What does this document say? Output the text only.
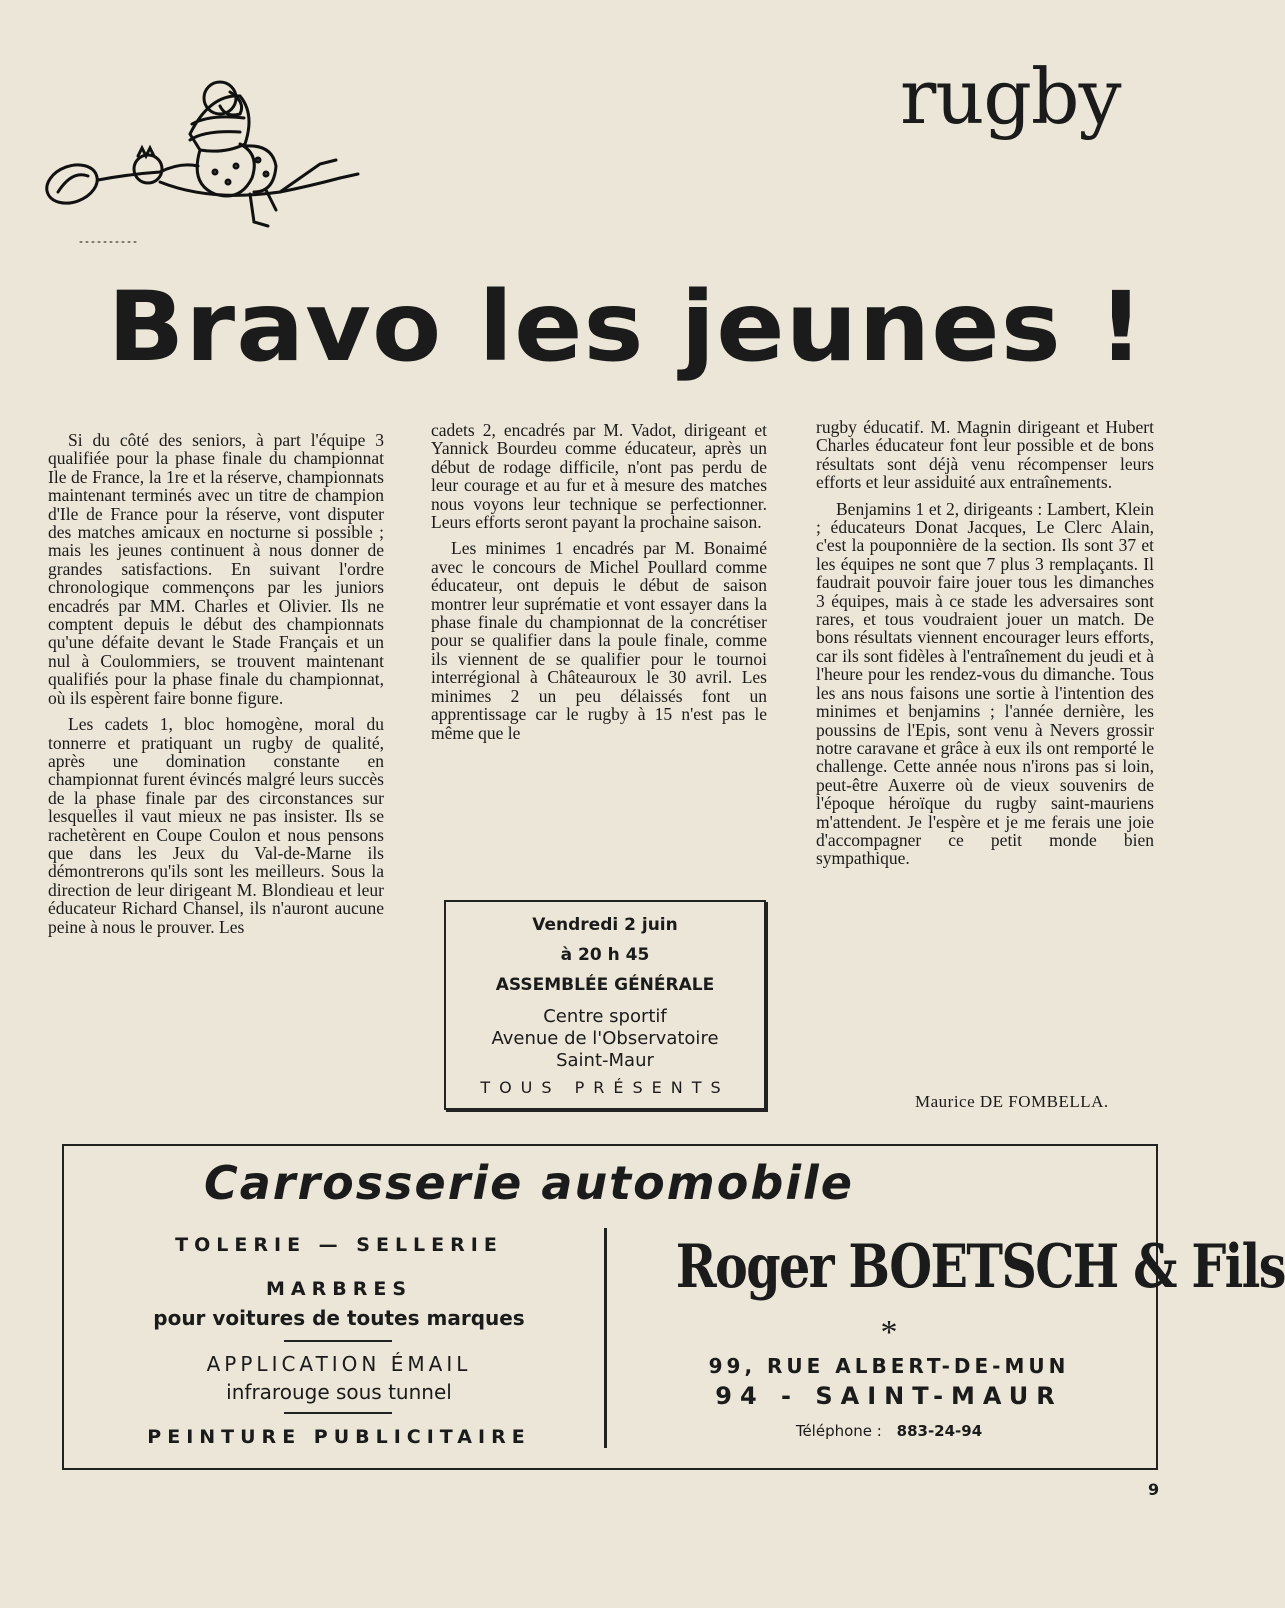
rugby
Bravo les jeunes !

Si du côté des seniors, à part l'équipe 3 qualifiée pour la phase finale du championnat Ile de France, la 1re et la réserve, championnats maintenant terminés avec un titre de champion d'Ile de France pour la réserve, vont disputer des matches amicaux en nocturne si possible ; mais les jeunes continuent à nous donner de grandes satisfactions. En suivant l'ordre chronologique commençons par les juniors encadrés par MM. Charles et Olivier. Ils ne comptent depuis le début des championnats qu'une défaite devant le Stade Français et un nul à Coulommiers, se trouvent maintenant qualifiés pour la phase finale du championnat, où ils espèrent faire bonne figure.

Les cadets 1, bloc homogène, moral du tonnerre et pratiquant un rugby de qualité, après une domination constante en championnat furent évincés malgré leurs succès de la phase finale par des circonstances sur lesquelles il vaut mieux ne pas insister. Ils se rachetèrent en Coupe Coulon et nous pensons que dans les Jeux du Val-de-Marne ils démontrerons qu'ils sont les meilleurs. Sous la direction de leur dirigeant M. Blondieau et leur éducateur Richard Chansel, ils n'auront aucune peine à nous le prouver. Les

cadets 2, encadrés par M. Vadot, dirigeant et Yannick Bourdeu comme éducateur, après un début de rodage difficile, n'ont pas perdu de leur courage et au fur et à mesure des matches nous voyons leur technique se perfectionner. Leurs efforts seront payant la prochaine saison.

Les minimes 1 encadrés par M. Bonaimé avec le concours de Michel Poullard comme éducateur, ont depuis le début de saison montrer leur suprématie et vont essayer dans la phase finale du championnat de la concrétiser pour se qualifier dans la poule finale, comme ils viennent de se qualifier pour le tournoi interrégional à Châteauroux le 30 avril. Les minimes 2 un peu délaissés font un apprentissage car le rugby à 15 n'est pas le même que le

rugby éducatif. M. Magnin dirigeant et Hubert Charles éducateur font leur possible et de bons résultats sont déjà venu récompenser leurs efforts et leur assiduité aux entraînements.

Benjamins 1 et 2, dirigeants : Lambert, Klein ; éducateurs Donat Jacques, Le Clerc Alain, c'est la pouponnière de la section. Ils sont 37 et les équipes ne sont que 7 plus 3 remplaçants. Il faudrait pouvoir faire jouer tous les dimanches 3 équipes, mais à ce stade les adversaires sont rares, et tous voudraient jouer un match. De bons résultats viennent encourager leurs efforts, car ils sont fidèles à l'entraînement du jeudi et à l'heure pour les rendez-vous du dimanche. Tous les ans nous faisons une sortie à l'intention des minimes et benjamins ; l'année dernière, les poussins de l'Epis, sont venu à Nevers grossir notre caravane et grâce à eux ils ont remporté le challenge. Cette année nous n'irons pas si loin, peut-être Auxerre où de vieux souvenirs de l'époque héroïque du rugby saint-mauriens m'attendent. Je l'espère et je me ferais une joie d'accompagner ce petit monde bien sympathique.

Maurice DE FOMBELLA.
Vendredi 2 juin
à 20 h 45
ASSEMBLÉE GÉNÉRALE
Centre sportif
Avenue de l'Observatoire
Saint-Maur
TOUS PRÉSENTS
Carrosserie automobile
TOLERIE — SELLERIE
MARBRES
pour voitures de toutes marques
APPLICATION ÉMAIL
infrarouge sous tunnel
PEINTURE PUBLICITAIRE
Roger BOETSCH & Fils
*
99, RUE ALBERT-DE-MUN
94 - SAINT-MAUR
Téléphone : 883-24-94
9
